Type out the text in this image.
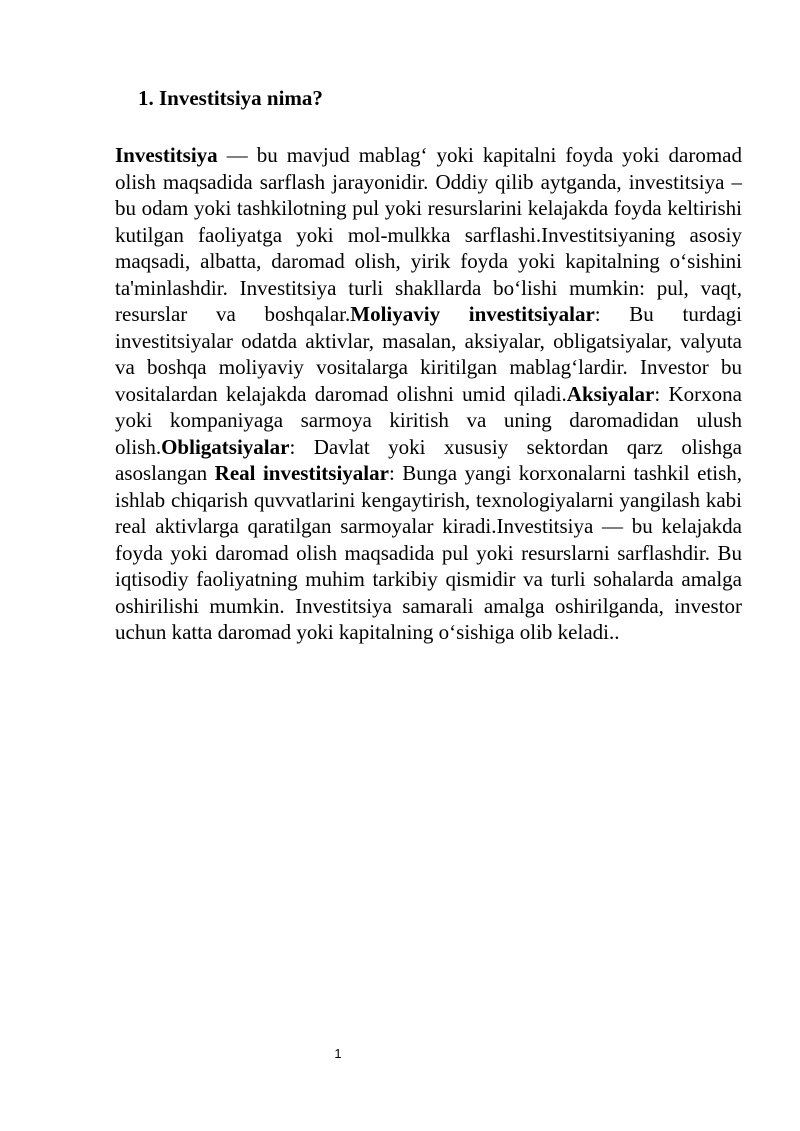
1. Investitsiya nima?

Investitsiya — bu mavjud mablag‘ yoki kapitalni foyda yoki daromad olish maqsadida sarflash jarayonidir. Oddiy qilib aytganda, investitsiya – bu odam yoki tashkilotning pul yoki resurslarini kelajakda foyda keltirishi kutilgan faoliyatga yoki mol-mulkka sarflashi.Investitsiyaning asosiy maqsadi, albatta, daromad olish, yirik foyda yoki kapitalning o‘sishini ta'minlashdir. Investitsiya turli shakllarda bo‘lishi mumkin: pul, vaqt, resurslar va boshqalar.Moliyaviy investitsiyalar: Bu turdagi investitsiyalar odatda aktivlar, masalan, aksiyalar, obligatsiyalar, valyuta va boshqa moliyaviy vositalarga kiritilgan mablag‘lardir. Investor bu vositalardan kelajakda daromad olishni umid qiladi.Aksiyalar: Korxona yoki kompaniyaga sarmoya kiritish va uning daromadidan ulush olish.Obligatsiyalar: Davlat yoki xususiy sektordan qarz olishga asoslangan Real investitsiyalar: Bunga yangi korxonalarni tashkil etish, ishlab chiqarish quvvatlarini kengaytirish, texnologiyalarni yangilash kabi real aktivlarga qaratilgan sarmoyalar kiradi.Investitsiya — bu kelajakda foyda yoki daromad olish maqsadida pul yoki resurslarni sarflashdir. Bu iqtisodiy faoliyatning muhim tarkibiy qismidir va turli sohalarda amalga oshirilishi mumkin. Investitsiya samarali amalga oshirilganda, investor uchun katta daromad yoki kapitalning o‘sishiga olib keladi..

1
